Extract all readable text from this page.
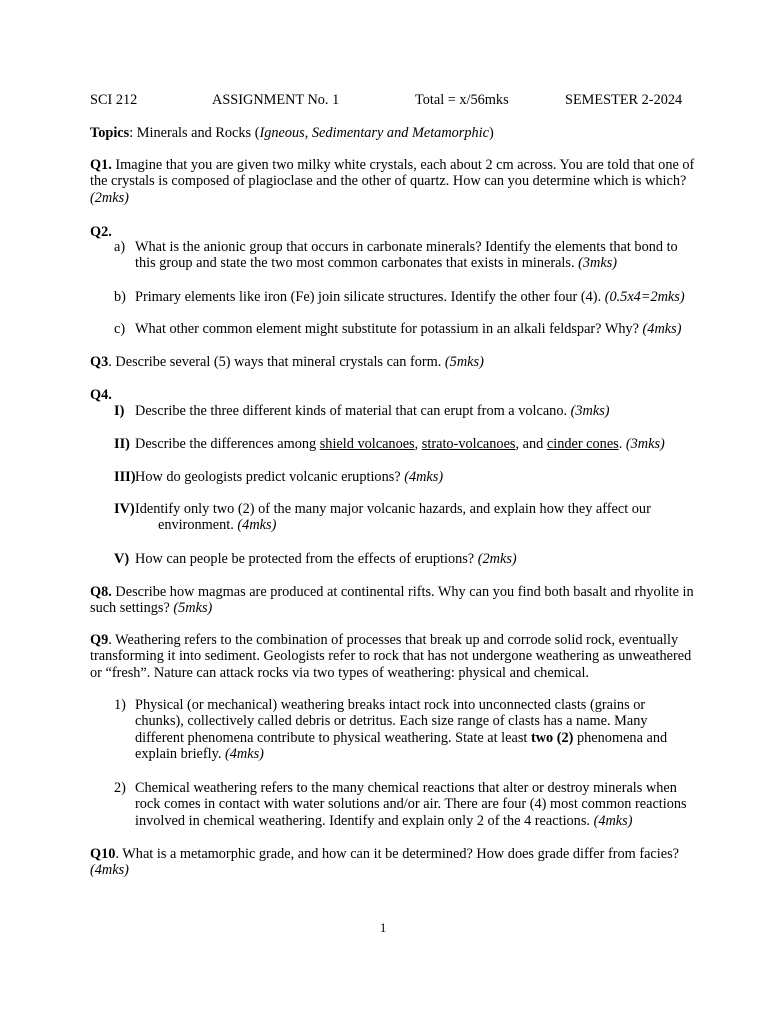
SCI 212	ASSIGNMENT No. 1	Total = x/56mks	SEMESTER 2-2024
Topics: Minerals and Rocks (Igneous, Sedimentary and Metamorphic)
Q1. Imagine that you are given two milky white crystals, each about 2 cm across. You are told that one of
the crystals is composed of plagioclase and the other of quartz. How can you determine which is which?
(2mks)
Q2.
a) What is the anionic group that occurs in carbonate minerals? Identify the elements that bond to
this group and state the two most common carbonates that exists in minerals. (3mks)
b) Primary elements like iron (Fe) join silicate structures. Identify the other four (4). (0.5x4=2mks)
c) What other common element might substitute for potassium in an alkali feldspar? Why? (4mks)
Q3. Describe several (5) ways that mineral crystals can form. (5mks)
Q4.
I) Describe the three different kinds of material that can erupt from a volcano. (3mks)
II) Describe the differences among shield volcanoes, strato-volcanoes, and cinder cones. (3mks)
III) How do geologists predict volcanic eruptions? (4mks)
IV) Identify only two (2) of the many major volcanic hazards, and explain how they affect our
environment. (4mks)
V) How can people be protected from the effects of eruptions? (2mks)
Q8. Describe how magmas are produced at continental rifts. Why can you find both basalt and rhyolite in
such settings? (5mks)
Q9. Weathering refers to the combination of processes that break up and corrode solid rock, eventually
transforming it into sediment. Geologists refer to rock that has not undergone weathering as unweathered
or “fresh”. Nature can attack rocks via two types of weathering: physical and chemical.
1) Physical (or mechanical) weathering breaks intact rock into unconnected clasts (grains or
chunks), collectively called debris or detritus. Each size range of clasts has a name. Many
different phenomena contribute to physical weathering. State at least two (2) phenomena and
explain briefly. (4mks)
2) Chemical weathering refers to the many chemical reactions that alter or destroy minerals when
rock comes in contact with water solutions and/or air. There are four (4) most common reactions
involved in chemical weathering. Identify and explain only 2 of the 4 reactions. (4mks)
Q10. What is a metamorphic grade, and how can it be determined? How does grade differ from facies?
(4mks)
1
